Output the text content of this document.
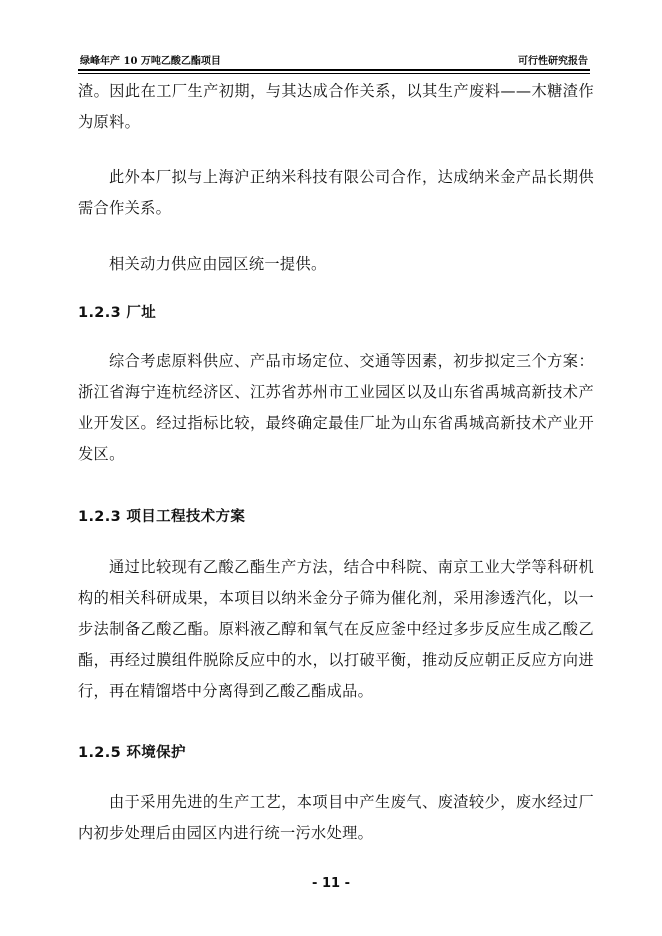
绿峰年产 10 万吨乙酸乙酯项目	可行性研究报告

渣。因此在工厂生产初期，与其达成合作关系，以其生产废料——木糖渣作为原料。

此外本厂拟与上海沪正纳米科技有限公司合作，达成纳米金产品长期供需合作关系。

相关动力供应由园区统一提供。

1.2.3 厂址

综合考虑原料供应、产品市场定位、交通等因素，初步拟定三个方案：浙江省海宁连杭经济区、江苏省苏州市工业园区以及山东省禹城高新技术产业开发区。经过指标比较，最终确定最佳厂址为山东省禹城高新技术产业开发区。

1.2.3 项目工程技术方案

通过比较现有乙酸乙酯生产方法，结合中科院、南京工业大学等科研机构的相关科研成果，本项目以纳米金分子筛为催化剂，采用渗透汽化，以一步法制备乙酸乙酯。原料液乙醇和氧气在反应釜中经过多步反应生成乙酸乙酯，再经过膜组件脱除反应中的水，以打破平衡，推动反应朝正反应方向进行，再在精馏塔中分离得到乙酸乙酯成品。

1.2.5 环境保护

由于采用先进的生产工艺，本项目中产生废气、废渣较少，废水经过厂内初步处理后由园区内进行统一污水处理。

- 11 -
